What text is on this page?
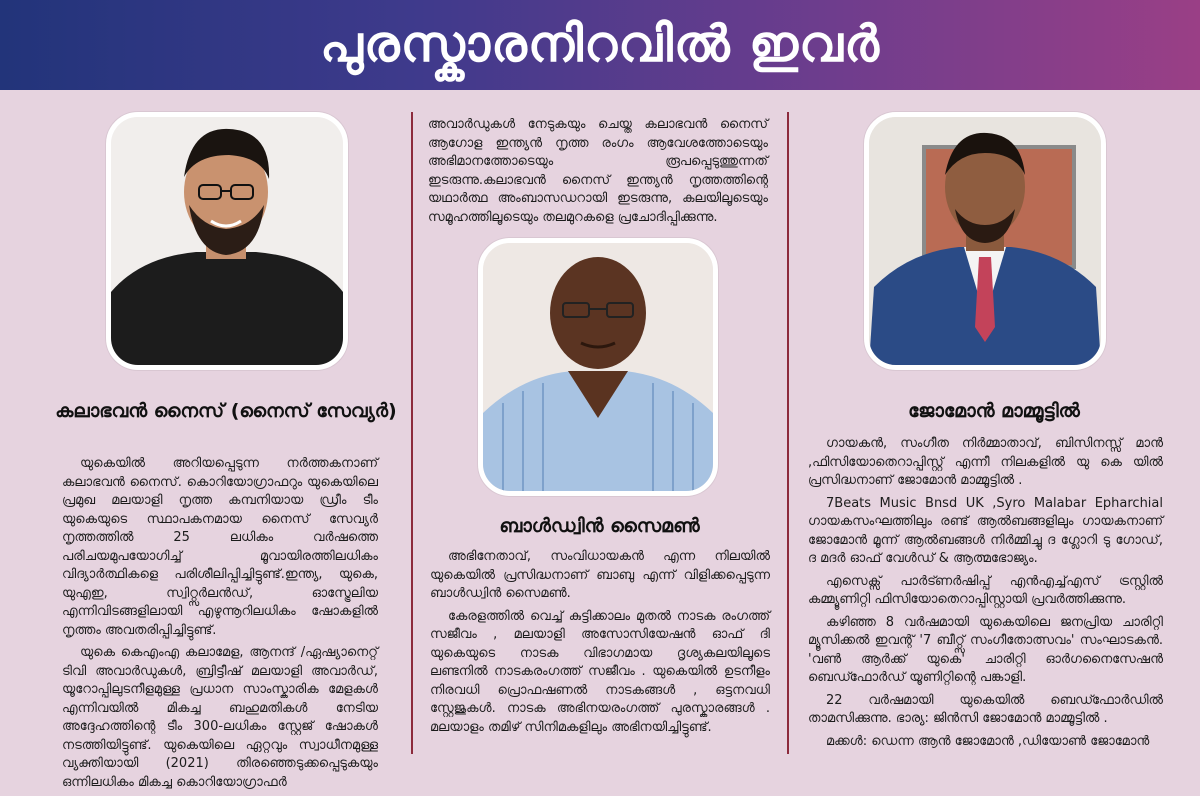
പുരസ്കാരനിറവിൽ ഇവർ
കലാഭവൻ നൈസ് (നൈസ് സേവ്യർ)

യുകെയിൽ അറിയപ്പെടുന്ന നർത്തകനാണ് കലാഭവൻ നൈസ്. കൊറിയോഗ്രാഫറും യുകെയിലെ പ്രമുഖ മലയാളി നൃത്ത കമ്പനിയായ ഡ്രീം ടീം യുകെയുടെ സ്ഥാപകനമായ നൈസ് സേവ്യർ നൃത്തത്തിൽ 25 ലധികം വർഷത്തെ പരിചയമുപയോഗിച്ച് മൂവായിരത്തിലധികം വിദ്യാർത്ഥികളെ പരിശീലിപ്പിച്ചിട്ടുണ്ട്.ഇന്ത്യ, യുകെ, യുഎഇ, സ്വിറ്റ്സർലൻഡ്, ഓസ്ട്രേലിയ എന്നിവിടങ്ങളിലായി എഴുന്നൂറിലധികം ഷോകളിൽ നൃത്തം അവതരിപ്പിച്ചിട്ടുണ്ട്.

യുകെ കെഎംഎ കലാമേള, ആനന്ദ് /ഏഷ്യാനെറ്റ് ടിവി അവാർഡുകൾ, ബ്രിട്ടീഷ് മലയാളി അവാർഡ്, യൂറോപ്പിലുടനീളമുള്ള പ്രധാന സാംസ്കാരിക മേളകൾ എന്നിവയിൽ മികച്ച ബഹുമതികൾ നേടിയ അദ്ദേഹത്തിന്റെ ടീം 300-ലധികം സ്റ്റേജ് ഷോകൾ നടത്തിയിട്ടുണ്ട്. യുകെയിലെ ഏറ്റവും സ്വാധീനമുള്ള വ്യക്തിയായി (2021) തിരഞ്ഞെടുക്കപ്പെടുകയും ഒന്നിലധികം മികച്ച കൊറിയോഗ്രാഫർ

അവാർഡുകൾ നേടുകയും ചെയ്ത കലാഭവൻ നൈസ് ആഗോള ഇന്ത്യൻ നൃത്ത രംഗം ആവേശത്തോടെയും അഭിമാനത്തോടെയും രൂപപ്പെടുത്തുന്നത് ഇടരുന്നു.കലാഭവൻ നൈസ് ഇന്ത്യൻ നൃത്തത്തിന്റെ യഥാർത്ഥ അംബാസഡറായി ഇടരുന്നു, കലയിലൂടെയും സമൂഹത്തിലൂടെയും തലമുറകളെ പ്രചോദിപ്പിക്കുന്നു.

ബാൾഡ്വിൻ സൈമൺ

അഭിനേതാവ്, സംവിധായകൻ എന്ന നിലയിൽ യുകെയിൽ പ്രസിദ്ധനാണ് ബാബു എന്ന് വിളിക്കപ്പെടുന്ന ബാൾഡ്വിൻ സൈമൺ.

കേരളത്തിൽ വെച്ച് കുട്ടിക്കാലം മുതൽ നാടക രംഗത്ത് സജീവം , മലയാളി അസോസിയേഷൻ ഓഫ് ദി യുകെയുടെ നാടക വിഭാഗമായ ദൃശ്യകലയിലൂടെ ലണ്ടനിൽ നാടകരംഗത്ത് സജീവം . യുകെയിൽ ഉടനീളം നിരവധി പ്രൊഫഷണൽ നാടകങ്ങൾ , ഒട്ടനവധി സ്റ്റേജുകൾ. നാടക അഭിനയരംഗത്ത് പുരസ്കാരങ്ങൾ . മലയാളം തമിഴ് സിനിമകളിലും അഭിനയിച്ചിട്ടുണ്ട്.

ജോമോൻ മാമ്മൂട്ടിൽ

ഗായകൻ, സംഗീത നിർമ്മാതാവ്, ബിസിനസ്സ് മാൻ ,ഫിസിയോതെറാപ്പിസ്റ്റ് എന്നീ നിലകളിൽ യു കെ യിൽ പ്രസിദ്ധനാണ് ജോമോൻ മാമ്മൂട്ടിൽ .

7Beats Music Bnsd UK ,Syro Malabar Epharchial ഗായകസംഘത്തിലും രണ്ട് ആൽബങ്ങളിലും ഗായകനാണ് ജോമോൻ മൂന്ന് ആൽബങ്ങൾ നിർമ്മിച്ചു ദ ഗ്ലോറി ടു ഗോഡ്, ദ മദർ ഓഫ് വേൾഡ് & ആത്മഭോജ്യം.

എസെക്സ് പാർട്ണർഷിപ്പ് എൻഎച്ച്എസ് ട്രസ്റ്റിൽ കമ്മ്യൂണിറ്റി ഫിസിയോതെറാപ്പിസ്റ്റായി പ്രവർത്തിക്കുന്നു.

കഴിഞ്ഞ 8 വർഷമായി യുകെയിലെ ജനപ്രിയ ചാരിറ്റി മ്യൂസിക്കൽ ഇവന്റ് '7 ബീറ്റ്സ് സംഗീതോത്സവം' സംഘാടകൻ. 'വൺ ആർക്ക് യുകെ' ചാരിറ്റി ഓർഗനൈസേഷൻ ബെഡ്ഫോർഡ് യൂണിറ്റിന്റെ പങ്കാളി.

22 വർഷമായി യുകെയിൽ ബെഡ്ഫോർഡിൽ താമസിക്കുന്നു. ഭാര്യ: ജിൻസി ജോമോൻ മാമ്മൂട്ടിൽ .

മക്കൾ: ഡെന്ന ആൻ ജോമോൻ ,ഡിയോൺ ജോമോൻ
